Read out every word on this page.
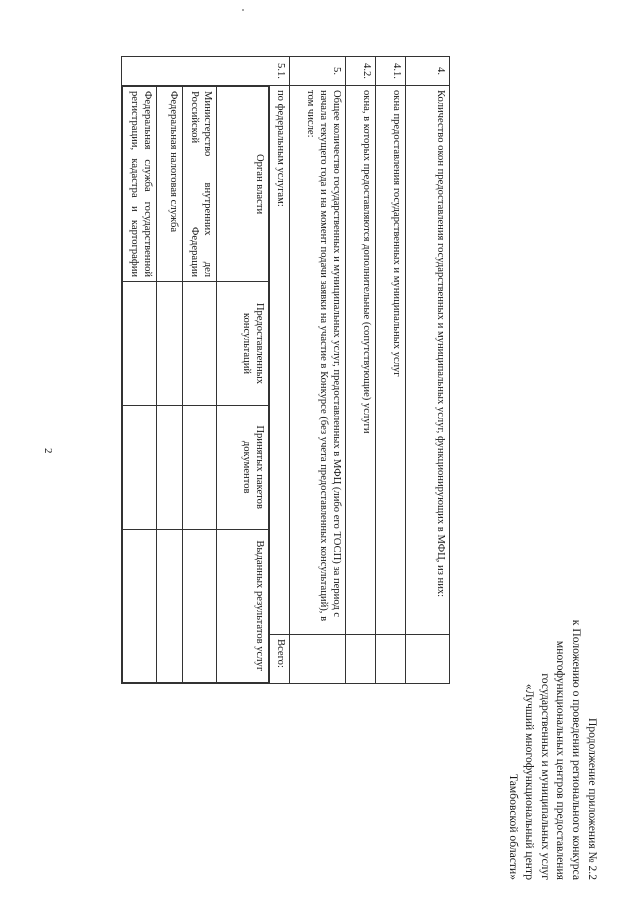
2
Продолжение приложения № 2.2
к Положению о проведении регионального конкурса
многофункциональных центров предоставления
государственных и муниципальных услуг
«Лучший многофункциональный центр
Тамбовской области»
4.	Количество окон предоставления государственных и муниципальных услуг, функционирующих в МФЦ, из них:	
4.1.	окна предоставления государственных и муниципальных услуг	
4.2.	окна, в которых предоставляются дополнительные (сопутствующие) услуги	
5.	Общее количество государственных и муниципальных услуг, предоставленных в МФЦ (либо его ТОСП) за период с начала текущего года и на момент подачи заявки на участие в Конкурсе (без учета предоставленных консультаций), в том числе:	
5.1.	по федеральным услугам:	Всего:

Орган власти	Предоставленных консультаций	Принятых пакетов документов	Выданных результатов услуг
Министерство внутренних дел Российской Федерации			
Федеральная налоговая служба			
Федеральная служба государственной регистрации, кадастра и картографии			
